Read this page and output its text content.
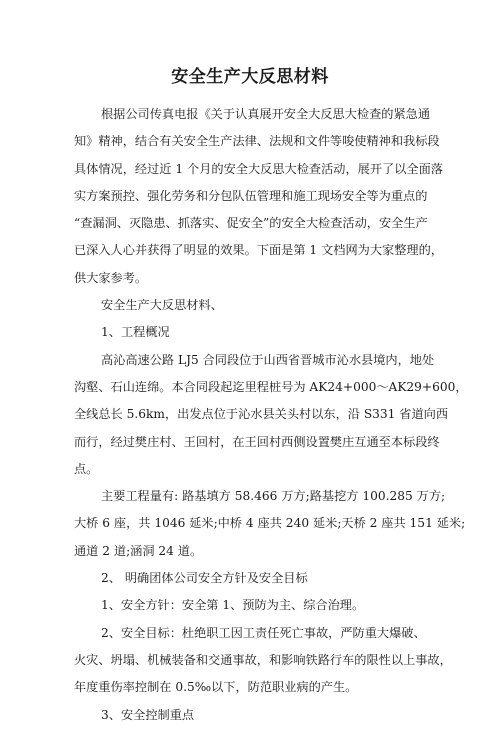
安全生产大反思材料
根据公司传真电报《关于认真展开安全大反思大检查的紧急通
知》精神，结合有关安全生产法律、法规和文件等唆使精神和我标段
具体情况，经过近 1 个月的安全大反思大检查活动，展开了以全面落
实方案预控、强化劳务和分包队伍管理和施工现场安全等为重点的
“查漏洞、灭隐患、抓落实、促安全”的安全大检查活动，安全生产
已深入人心并获得了明显的效果。下面是第 1 文档网为大家整理的，
供大家参考。
安全生产大反思材料、
1、工程概况
高沁高速公路 LJ5 合同段位于山西省晋城市沁水县境内，地处
沟壑、石山连绵。本合同段起迄里程桩号为 AK24+000～AK29+600，
全线总长 5.6km，出发点位于沁水县关头村以东，沿 S331 省道向西
而行，经过樊庄村、王回村，在王回村西侧设置樊庄互通至本标段终
点。
主要工程量有: 路基填方 58.466 万方;路基挖方 100.285 万方;
大桥 6 座，共 1046 延米;中桥 4 座共 240 延米;天桥 2 座共 151 延米;
通道 2 道;涵洞 24 道。
2、 明确团体公司安全方针及安全目标
1、安全方针：安全第 1、预防为主、综合治理。
2、安全目标：杜绝职工因工责任死亡事故，严防重大爆破、
火灾、坍塌、机械装备和交通事故，和影响铁路行车的限性以上事故，
年度重伤率控制在 0.5‰以下，防范职业病的产生。
3、安全控制重点
